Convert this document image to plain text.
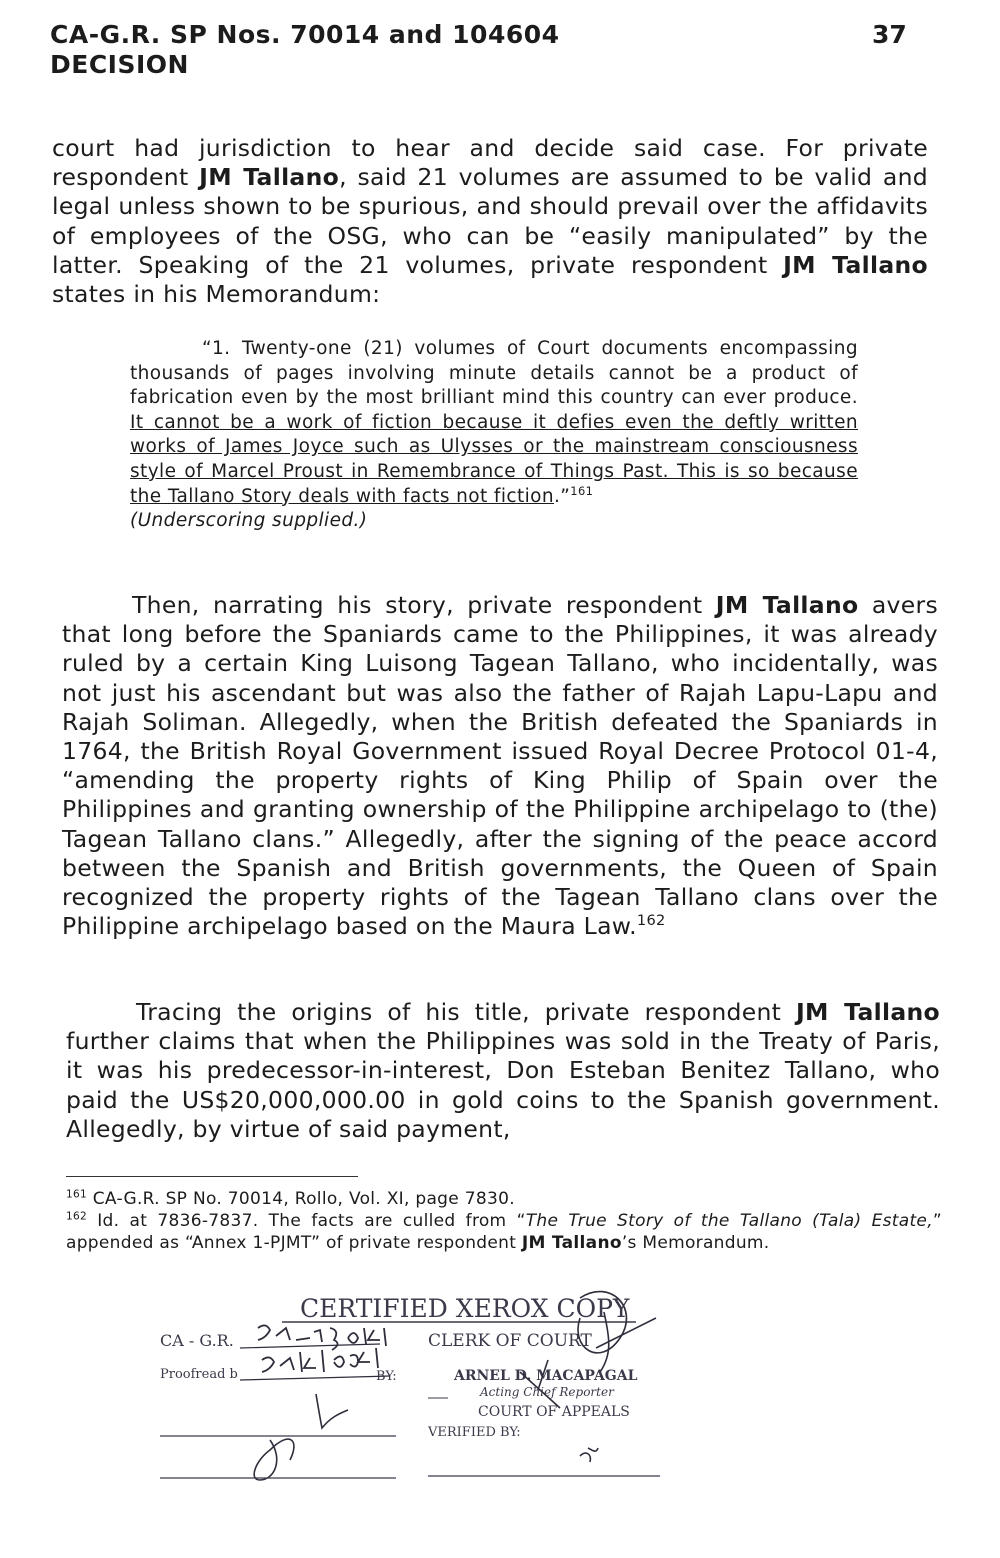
CA-G.R. SP Nos. 70014 and 104604
DECISION
37

court had jurisdiction to hear and decide said case. For private respondent JM Tallano, said 21 volumes are assumed to be valid and legal unless shown to be spurious, and should prevail over the affidavits of employees of the OSG, who can be “easily manipulated” by the latter. Speaking of the 21 volumes, private respondent JM Tallano states in his Memorandum:

“1. Twenty-one (21) volumes of Court documents encompassing thousands of pages involving minute details cannot be a product of fabrication even by the most brilliant mind this country can ever produce. It cannot be a work of fiction because it defies even the deftly written works of James Joyce such as Ulysses or the mainstream consciousness style of Marcel Proust in Remembrance of Things Past. This is so because the Tallano Story deals with facts not fiction.”$^{161}$
(Underscoring supplied.)

Then, narrating his story, private respondent JM Tallano avers that long before the Spaniards came to the Philippines, it was already ruled by a certain King Luisong Tagean Tallano, who incidentally, was not just his ascendant but was also the father of Rajah Lapu-Lapu and Rajah Soliman. Allegedly, when the British defeated the Spaniards in 1764, the British Royal Government issued Royal Decree Protocol 01-4, “amending the property rights of King Philip of Spain over the Philippines and granting ownership of the Philippine archipelago to (the) Tagean Tallano clans.” Allegedly, after the signing of the peace accord between the Spanish and British governments, the Queen of Spain recognized the property rights of the Tagean Tallano clans over the Philippine archipelago based on the Maura Law.$^{162}$

Tracing the origins of his title, private respondent JM Tallano further claims that when the Philippines was sold in the Treaty of Paris, it was his predecessor-in-interest, Don Esteban Benitez Tallano, who paid the US$20,000,000.00 in gold coins to the Spanish government. Allegedly, by virtue of said payment,

$^{161}$ CA-G.R. SP No. 70014, Rollo, Vol. XI, page 7830.

$^{162}$ Id. at 7836-7837. The facts are culled from “The True Story of the Tallano (Tala) Estate,” appended as “Annex 1-PJMT” of private respondent JM Tallano’s Memorandum.

CERTIFIED XEROX COPY
CA - G.R.	CLERK OF COURT
Proofread b	BY:	ARNEL D. MACAPAGAL
Acting Chief Reporter
COURT OF APPEALS
VERIFIED BY:
